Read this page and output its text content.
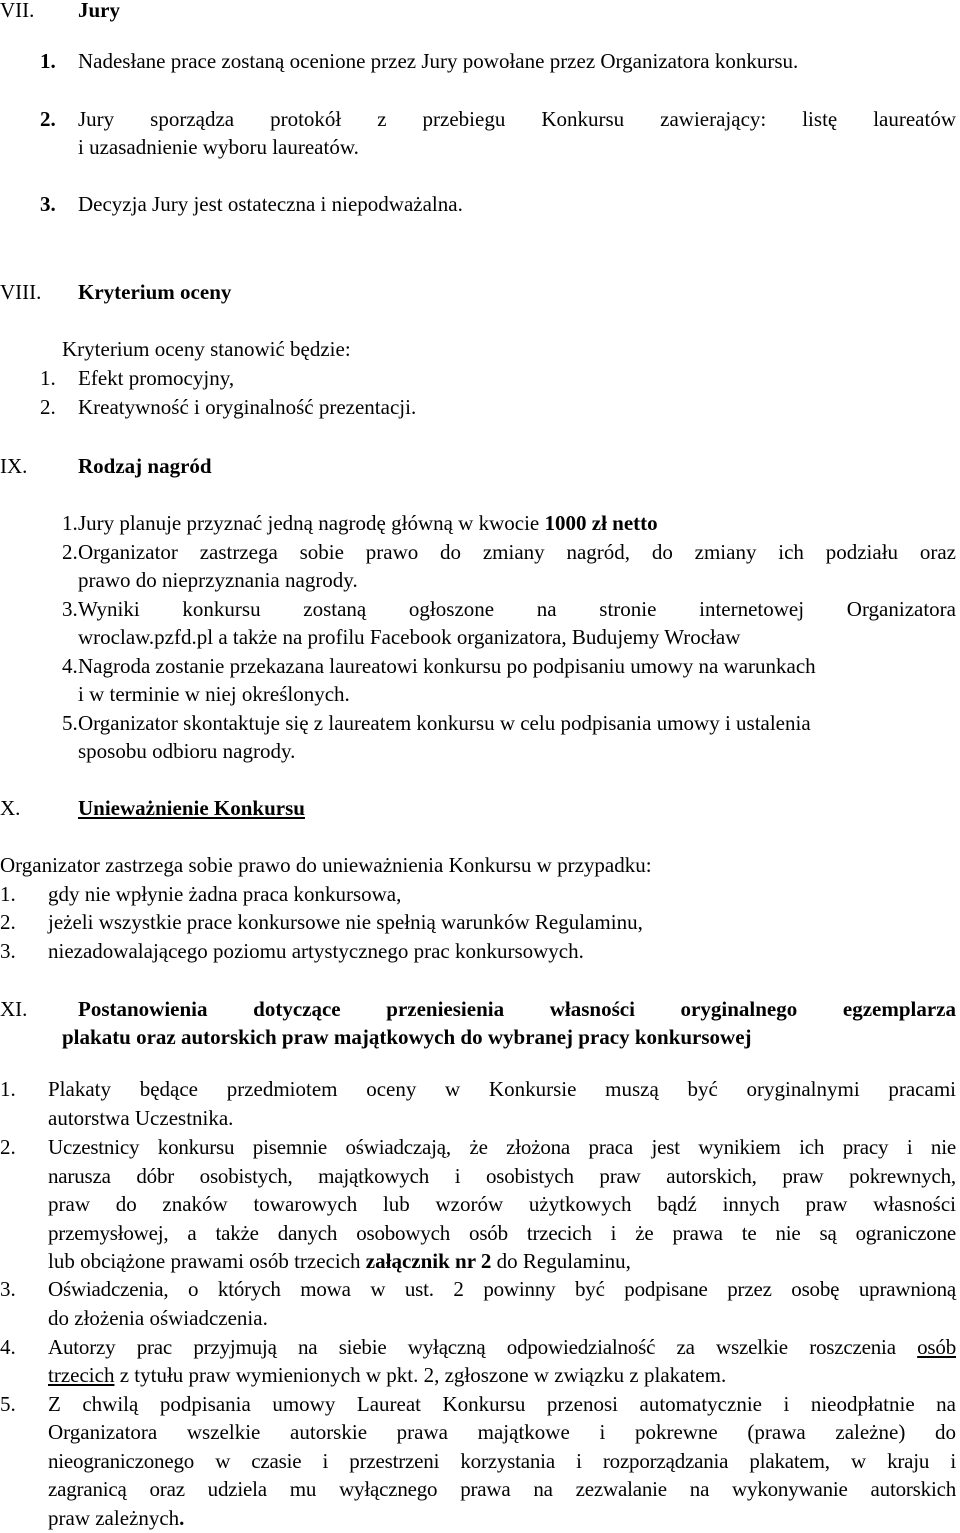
VII. Jury
1. Nadesłane prace zostaną ocenione przez Jury powołane przez Organizatora konkursu.
2. Jury sporządza protokół z przebiegu Konkursu zawierający: listę laureatów
i uzasadnienie wyboru laureatów.
3. Decyzja Jury jest ostateczna i niepodważalna.
VIII. Kryterium oceny
Kryterium oceny stanowić będzie:
1. Efekt promocyjny,
2. Kreatywność i oryginalność prezentacji.
IX. Rodzaj nagród
1. Jury planuje przyznać jedną nagrodę główną w kwocie 1000 zł netto
2. Organizator zastrzega sobie prawo do zmiany nagród, do zmiany ich podziału oraz
prawo do nieprzyznania nagrody.
3. Wyniki konkursu zostaną ogłoszone na stronie internetowej Organizatora
wroclaw.pzfd.pl a także na profilu Facebook organizatora, Budujemy Wrocław
4. Nagroda zostanie przekazana laureatowi konkursu po podpisaniu umowy na warunkach
i w terminie w niej określonych.
5. Organizator skontaktuje się z laureatem konkursu w celu podpisania umowy i ustalenia
sposobu odbioru nagrody.
X.	Unieważnienie Konkursu
Organizator zastrzega sobie prawo do unieważnienia Konkursu w przypadku:
1. gdy nie wpłynie żadna praca konkursowa,
2. jeżeli wszystkie prace konkursowe nie spełnią warunków Regulaminu,
3. niezadowalającego poziomu artystycznego prac konkursowych.
XI. Postanowienia dotyczące przeniesienia własności oryginalnego egzemplarza
plakatu oraz autorskich praw majątkowych do wybranej pracy konkursowej
1. Plakaty będące przedmiotem oceny w Konkursie muszą być oryginalnymi pracami
autorstwa Uczestnika.
2. Uczestnicy konkursu pisemnie oświadczają, że złożona praca jest wynikiem ich pracy i nie
narusza dóbr osobistych, majątkowych i osobistych praw autorskich, praw pokrewnych,
praw do znaków towarowych lub wzorów użytkowych bądź innych praw własności
przemysłowej, a także danych osobowych osób trzecich i że prawa te nie są ograniczone
lub obciążone prawami osób trzecich załącznik nr 2 do Regulaminu,
3. Oświadczenia, o których mowa w ust. 2 powinny być podpisane przez osobę uprawnioną
do złożenia oświadczenia.
4. Autorzy prac przyjmują na siebie wyłączną odpowiedzialność za wszelkie roszczenia osób
trzecich z tytułu praw wymienionych w pkt. 2, zgłoszone w związku z plakatem.
5. Z chwilą podpisania umowy Laureat Konkursu przenosi automatycznie i nieodpłatnie na
Organizatora wszelkie autorskie prawa majątkowe i pokrewne (prawa zależne) do
nieograniczonego w czasie i przestrzeni korzystania i rozporządzania plakatem, w kraju i
zagranicą oraz udziela mu wyłącznego prawa na zezwalanie na wykonywanie autorskich
praw zależnych.
